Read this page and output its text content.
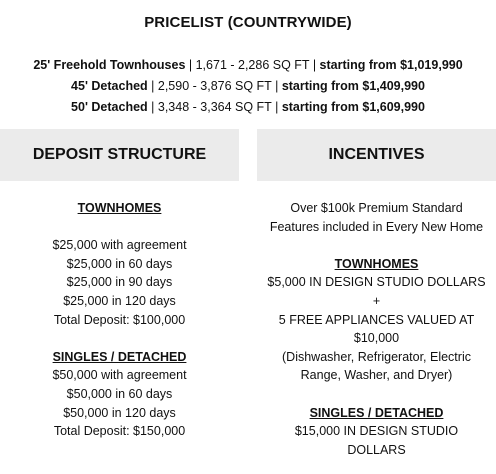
PRICELIST (COUNTRYWIDE)
25' Freehold Townhouses | 1,671 - 2,286 SQ FT | starting from $1,019,990
45' Detached | 2,590 - 3,876 SQ FT | starting from $1,409,990
50' Detached | 3,348 - 3,364 SQ FT | starting from $1,609,990
DEPOSIT STRUCTURE	INCENTIVES
TOWNHOMES
$25,000 with agreement
$25,000 in 60 days
$25,000 in 90 days
$25,000 in 120 days
Total Deposit: $100,000
SINGLES / DETACHED
$50,000 with agreement
$50,000 in 60 days
$50,000 in 120 days
Total Deposit: $150,000
Over $100k Premium Standard
Features included in Every New Home
TOWNHOMES
$5,000 IN DESIGN STUDIO DOLLARS
+
5 FREE APPLIANCES VALUED AT
$10,000
(Dishwasher, Refrigerator, Electric
Range, Washer, and Dryer)
SINGLES / DETACHED
$15,000 IN DESIGN STUDIO
DOLLARS
